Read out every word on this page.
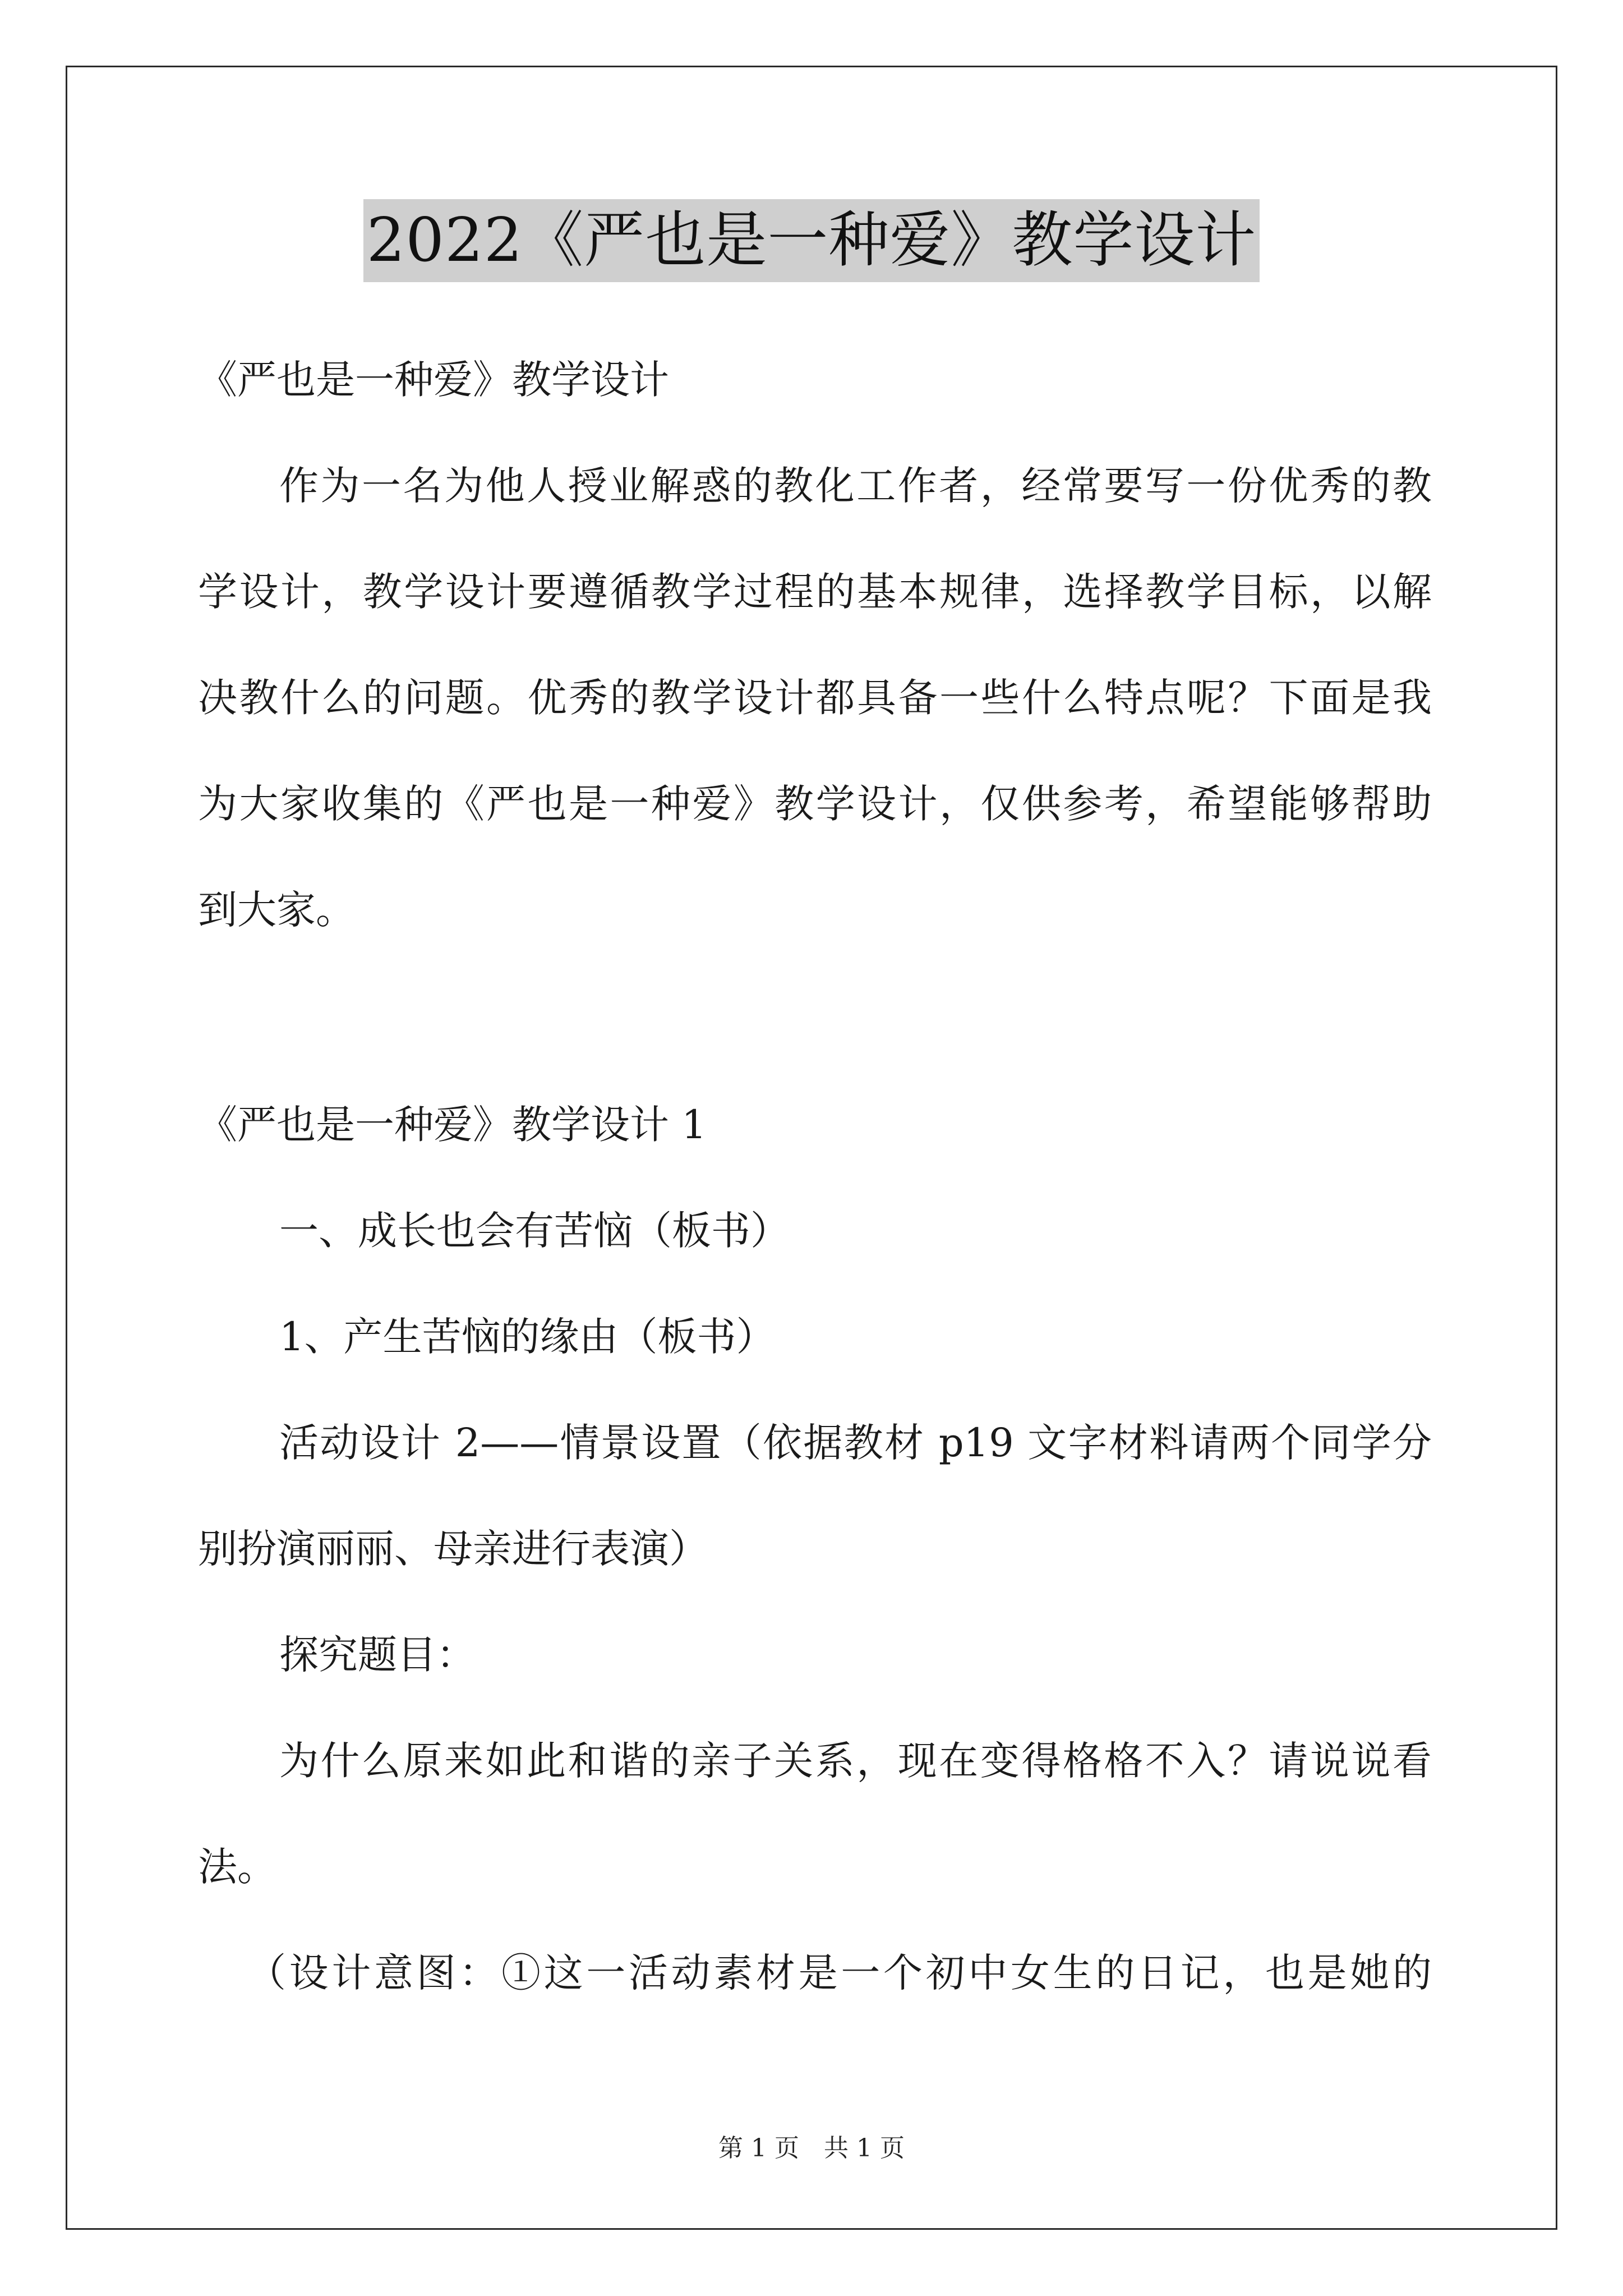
2022《严也是一种爱》教学设计
《严也是一种爱》教学设计
作为一名为他人授业解惑的教化工作者，经常要写一份优秀的教
学设计，教学设计要遵循教学过程的基本规律，选择教学目标，以解
决教什么的问题。优秀的教学设计都具备一些什么特点呢？下面是我
为大家收集的《严也是一种爱》教学设计，仅供参考，希望能够帮助
到大家。
《严也是一种爱》教学设计 1
一、成长也会有苦恼（板书）
1、产生苦恼的缘由（板书）
活动设计 2——情景设置（依据教材 p19 文字材料请两个同学分
别扮演丽丽、母亲进行表演）
探究题目：
为什么原来如此和谐的亲子关系，现在变得格格不入？请说说看
法。
（设计意图：①这一活动素材是一个初中女生的日记，也是她的
第 1 页　共 1 页
